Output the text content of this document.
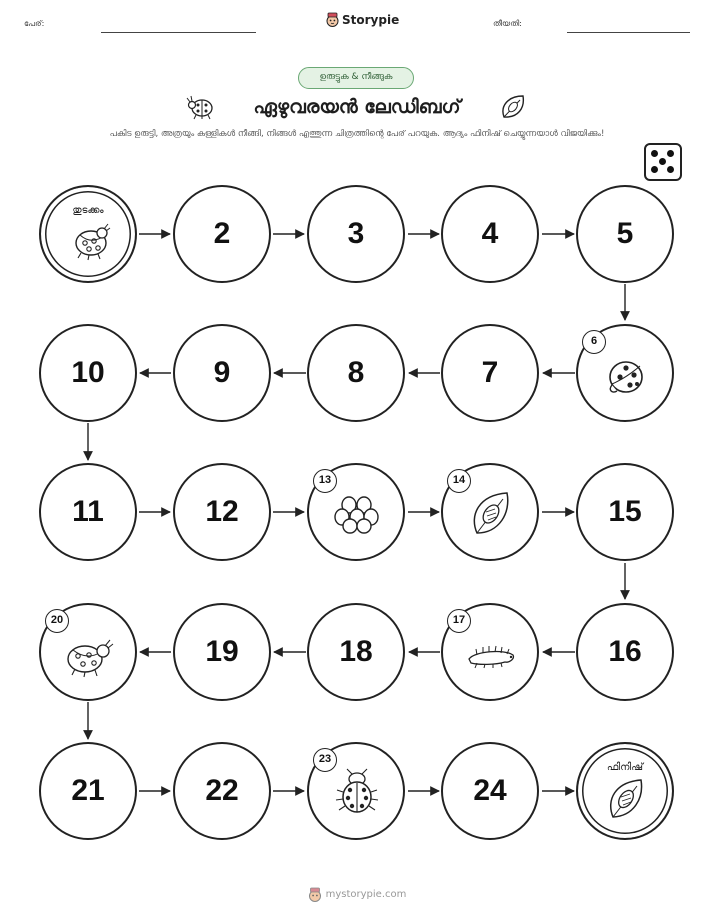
പേര്:	Storypie	തീയതി:
ഉരുട്ടുക & നീങ്ങുക
ഏഴുവരയൻ ലേഡിബഗ്
പകിട ഉരുട്ടി, അത്രയും കള്ളികൾ നീങ്ങി, നിങ്ങൾ എത്തുന്ന ചിത്രത്തിന്റെ പേര് പറയുക. ആദ്യം ഫിനിഷ് ചെയ്യുന്നയാൾ വിജയിക്കും!
തുടക്കം
2	3	4	5
10	9	8	7
6
11	12
13	14
15
20
19	18
17
16
21	22
23
24
ഫിനിഷ്
mystorypie.com
